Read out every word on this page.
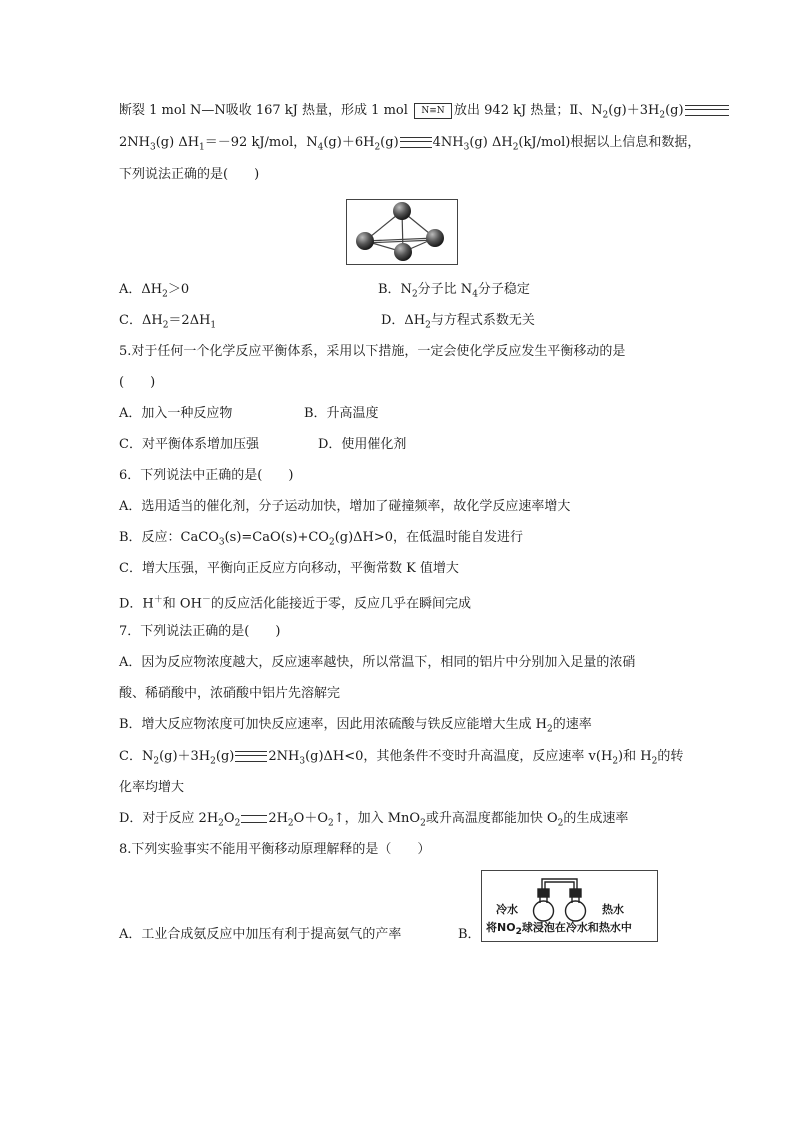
断裂 1 mol N—N吸收 167 kJ 热量，形成 1 mol	N≡N 放出 942 kJ 热量；Ⅱ、$N_2(g)+3H_2(g)$
$2NH_3(g)$ $\Delta H_1=-92$ kJ/mol，$N_4(g)+6H_2(g)$	$4NH_3(g)$ $\Delta H_2(kJ/mol)$根据以上信息和数据，
下列说法正确的是(　　)
A．$\Delta H_2>0$	B．$N_2$分子比 $N_4$分子稳定
C．$\Delta H_2=2\Delta H_1$	D．$\Delta H_2$与方程式系数无关
5.对于任何一个化学反应平衡体系，采用以下措施，一定会使化学反应发生平衡移动的是
(　　)
A．加入一种反应物	B．升高温度
C．对平衡体系增加压强	D．使用催化剂
6．下列说法中正确的是(　　)
A．选用适当的催化剂，分子运动加快，增加了碰撞频率，故化学反应速率增大
B．反应：$CaCO_3(s)=CaO(s)+CO_2(g)\Delta H>0$，在低温时能自发进行
C．增大压强，平衡向正反应方向移动，平衡常数 K 值增大
D．H＋和 OH－的反应活化能接近于零，反应几乎在瞬间完成
7．下列说法正确的是(　　)
A．因为反应物浓度越大，反应速率越快，所以常温下，相同的铝片中分别加入足量的浓硝
酸、稀硝酸中，浓硝酸中铝片先溶解完
B．增大反应物浓度可加快反应速率，因此用浓硫酸与铁反应能增大生成 $H_2$的速率
C．$N_2(g)+3H_2(g)$	$2NH_3(g)\Delta H<0$，其他条件不变时升高温度，反应速率 $v(H_2)$和 $H_2$的转
化率均增大
D．对于反应 $2H_2O_2$ $2H_2O+O_2↑$，加入 MnO$_2$或升高温度都能加快 $O_2$的生成速率
8.下列实验事实不能用平衡移动原理解释的是（　　）
A．工业合成氨反应中加压有利于提高氨气的产率	B．
冷水	热水
将$NO_2$球浸泡在冷水和热水中
